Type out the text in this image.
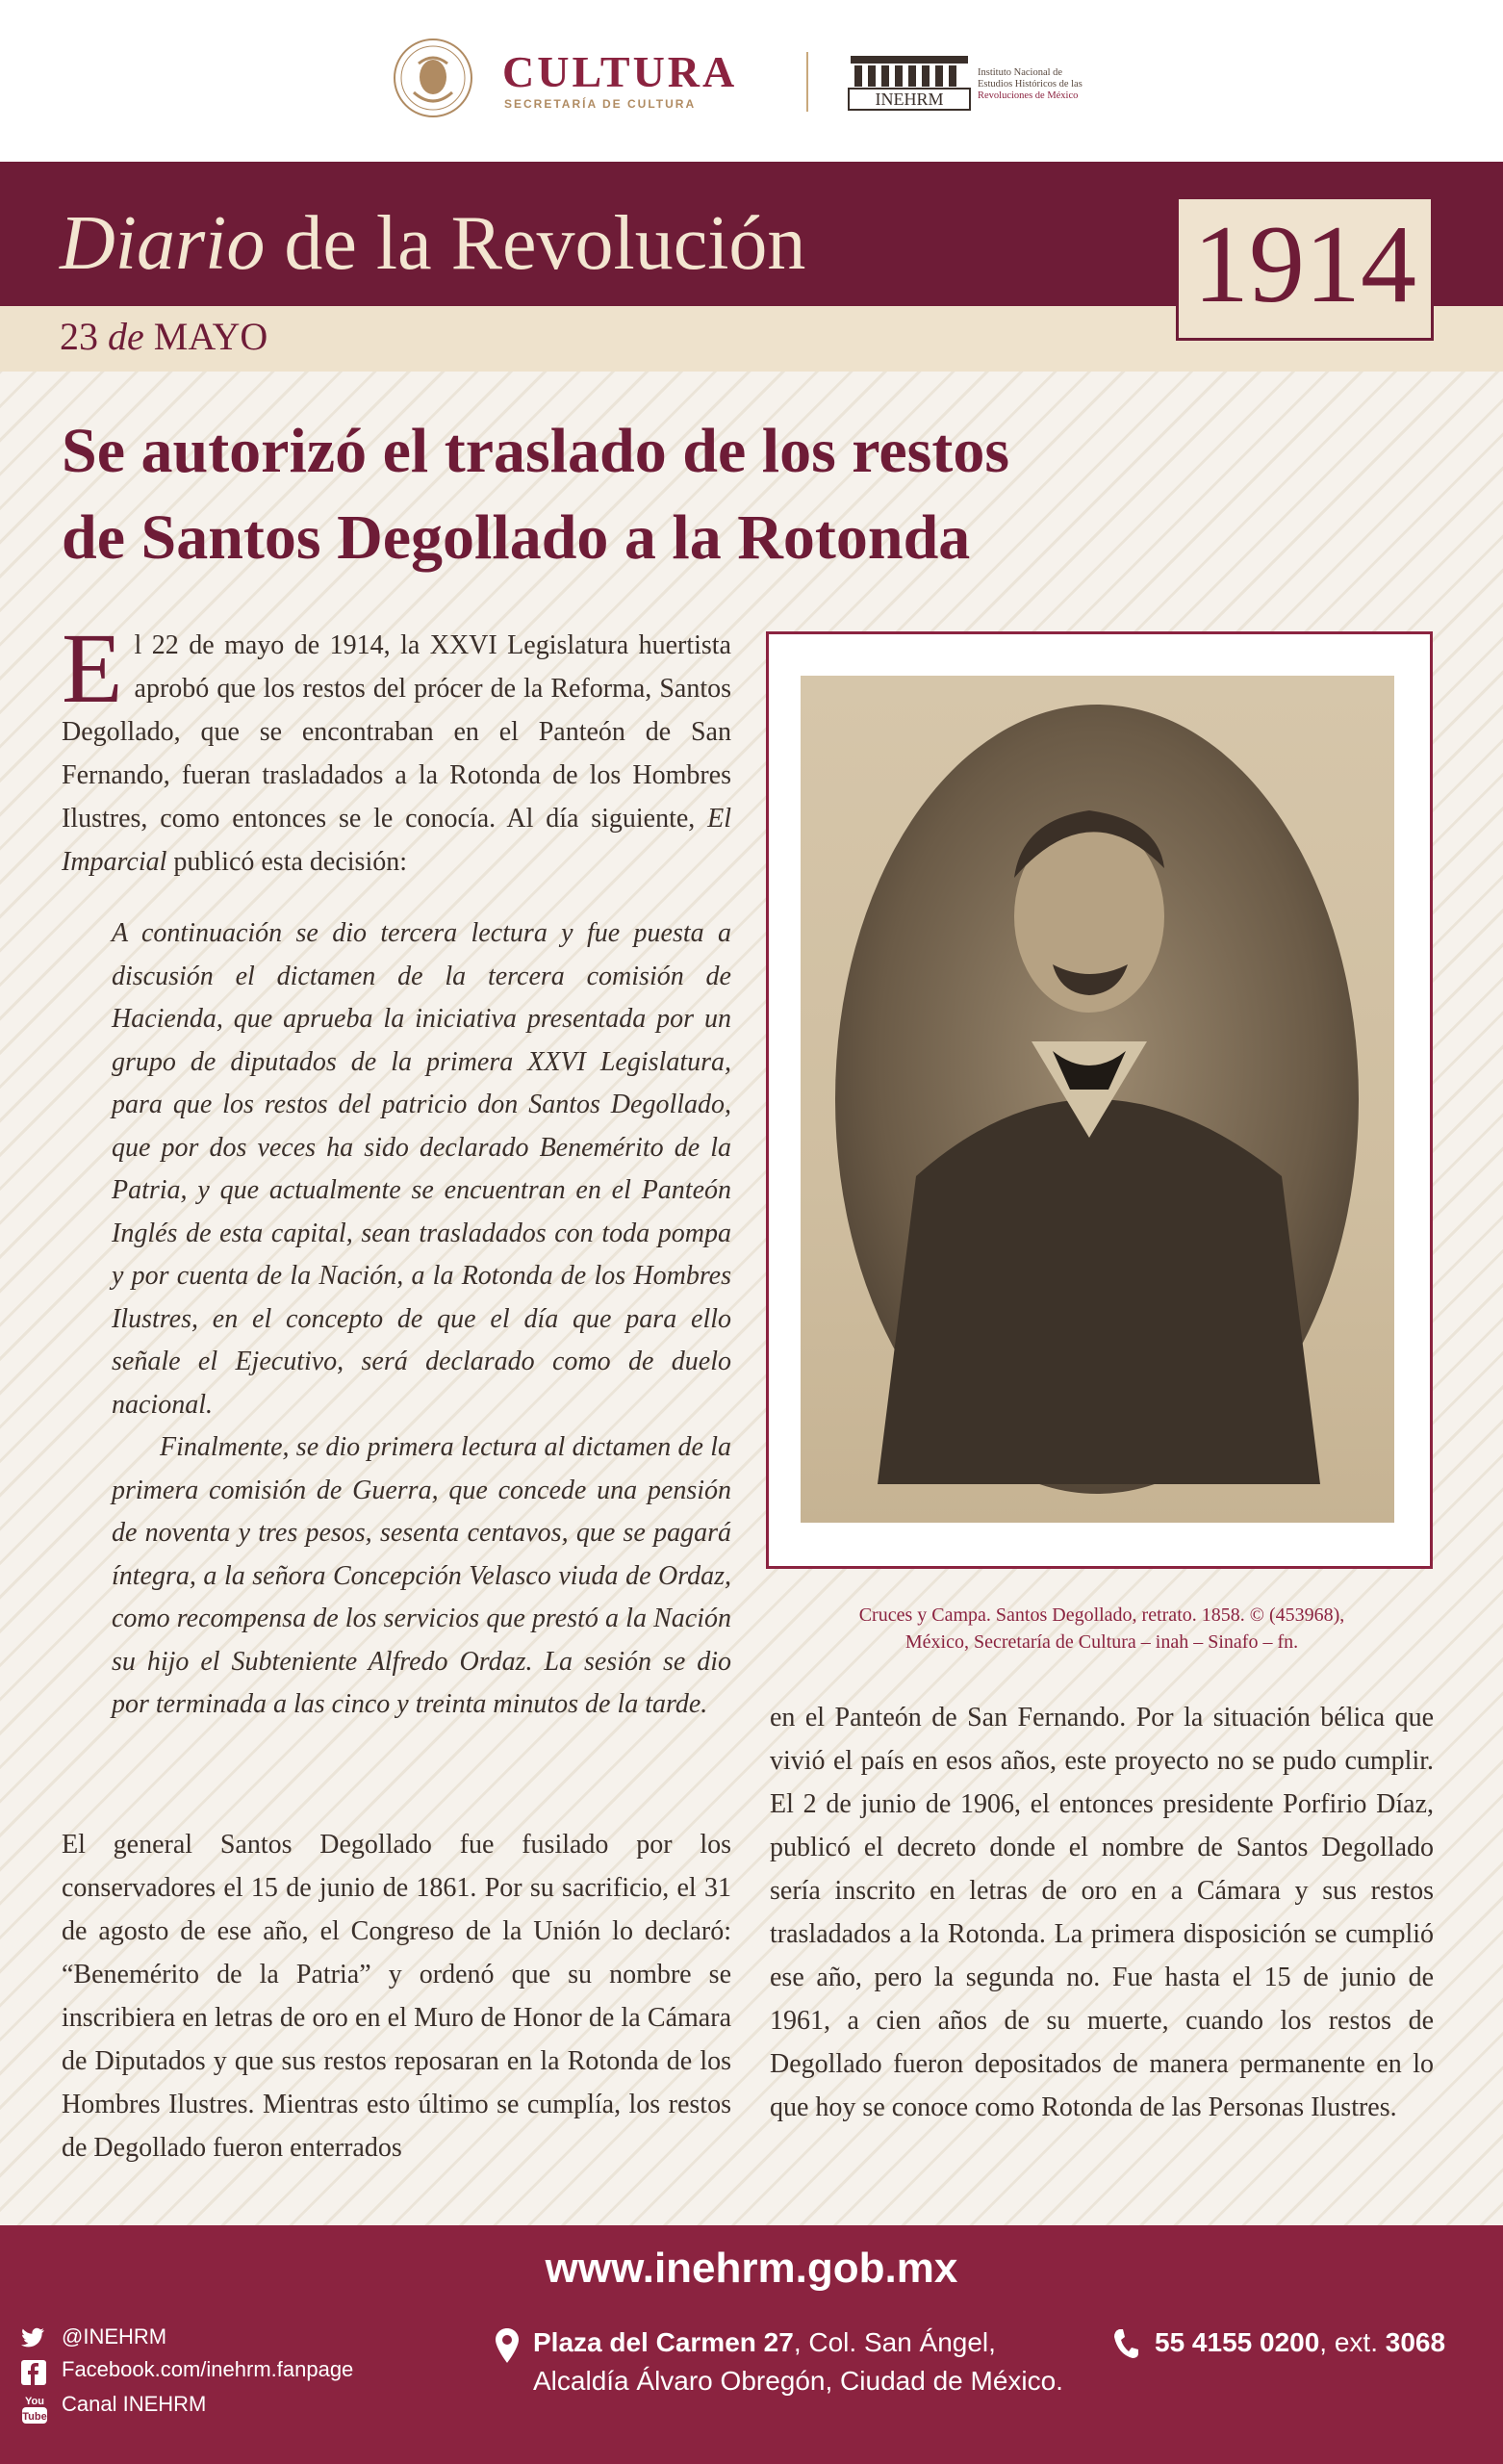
CULTURA
SECRETARÍA DE CULTURA	INEHRM
Instituto Nacional de
Estudios Históricos de las
Revoluciones de México
Diario de la Revolución
23 de MAYO
1914
Se autorizó el traslado de los restos
de Santos Degollado a la Rotonda
El 22 de mayo de 1914, la XXVI Legislatura huertista aprobó que los restos del prócer de la Reforma, Santos Degollado, que se encontraban en el Panteón de San Fernando, fueran trasladados a la Rotonda de los Hombres Ilustres, como entonces se le conocía. Al día siguiente, El Imparcial publicó esta decisión:

A continuación se dio tercera lectura y fue puesta a discusión el dictamen de la tercera comisión de Hacienda, que aprueba la iniciativa presentada por un grupo de diputados de la primera XXVI Legislatura, para que los restos del patricio don Santos Degollado, que por dos veces ha sido declarado Benemérito de la Patria, y que actualmente se encuentran en el Panteón Inglés de esta capital, sean trasladados con toda pompa y por cuenta de la Nación, a la Rotonda de los Hombres Ilustres, en el concepto de que el día que para ello señale el Ejecutivo, será declarado como de duelo nacional.

Finalmente, se dio primera lectura al dictamen de la primera comisión de Guerra, que concede una pensión de noventa y tres pesos, sesenta centavos, que se pagará íntegra, a la señora Concepción Velasco viuda de Ordaz, como recompensa de los servicios que prestó a la Nación su hijo el Subteniente Alfredo Ordaz. La sesión se dio por terminada a las cinco y treinta minutos de la tarde.

El general Santos Degollado fue fusilado por los conservadores el 15 de junio de 1861. Por su sacrificio, el 31 de agosto de ese año, el Congreso de la Unión lo declaró: “Benemérito de la Patria” y ordenó que su nombre se inscribiera en letras de oro en el Muro de Honor de la Cámara de Diputados y que sus restos reposaran en la Rotonda de los Hombres Ilustres. Mientras esto último se cumplía, los restos de Degollado fueron enterrados
Cruces y Campa. Santos Degollado, retrato. 1858. © (453968),
México, Secretaría de Cultura – inah – Sinafo – fn.
en el Panteón de San Fernando. Por la situación bélica que vivió el país en esos años, este proyecto no se pudo cumplir. El 2 de junio de 1906, el entonces presidente Porfirio Díaz, publicó el decreto donde el nombre de Santos Degollado sería inscrito en letras de oro en a Cámara y sus restos trasladados a la Rotonda. La primera disposición se cumplió ese año, pero la segunda no. Fue hasta el 15 de junio de 1961, a cien años de su muerte, cuando los restos de Degollado fueron depositados de manera permanente en lo que hoy se conoce como Rotonda de las Personas Ilustres.
www.inehrm.gob.mx
@INEHRM
Facebook.com/inehrm.fanpage
You
Tube
Canal INEHRM
Plaza del Carmen 27, Col. San Ángel,
Alcaldía Álvaro Obregón, Ciudad de México.
55 4155 0200, ext. 3068
